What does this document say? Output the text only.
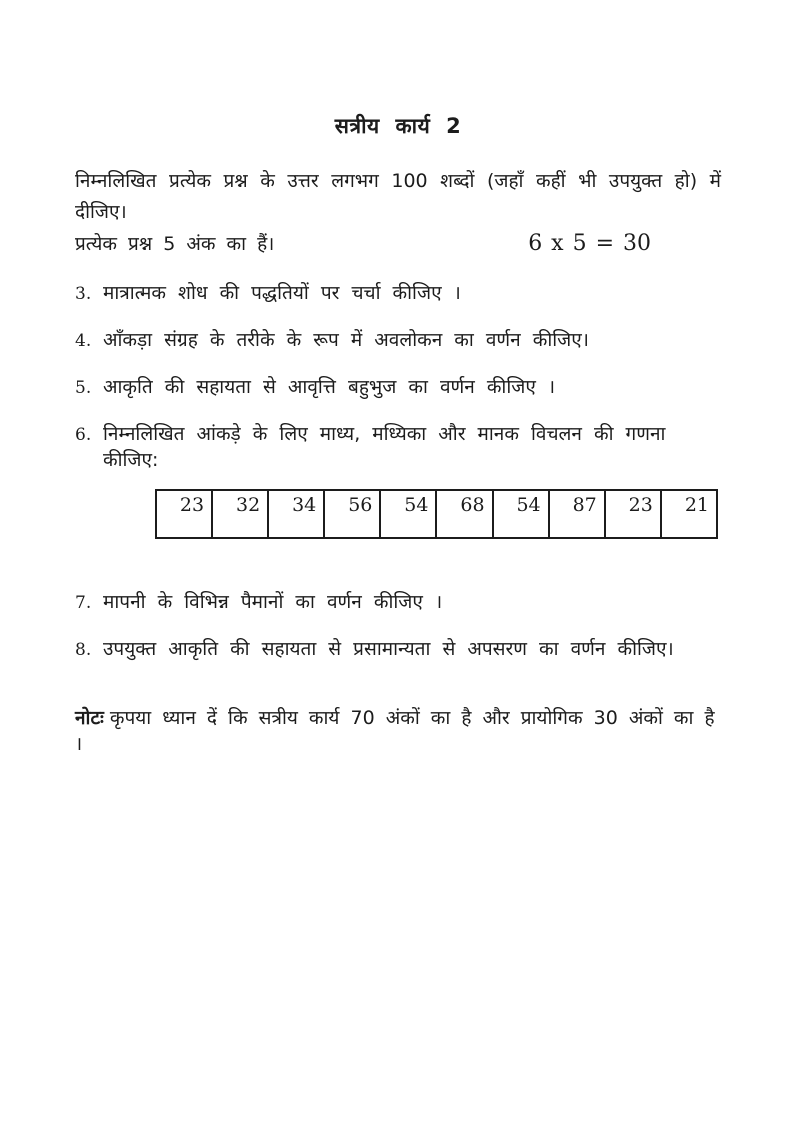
सत्रीय कार्य 2
निम्नलिखित प्रत्येक प्रश्न के उत्तर लगभग 100 शब्दों (जहाँ कहीं भी उपयुक्त हो) में दीजिए।
प्रत्येक प्रश्न 5 अंक का हैं।	6 x 5 = 30
3. मात्रात्मक शोध की पद्धतियों पर चर्चा कीजिए ।
4. आँकड़ा संग्रह के तरीके के रूप में अवलोकन का वर्णन कीजिए।
5. आकृति की सहायता से आवृत्ति बहुभुज का वर्णन कीजिए ।
6. निम्नलिखित आंकड़े के लिए माध्य, मध्यिका और मानक विचलन की गणना कीजिए:
23	32	34	56	54	68	54	87	23	21
7. मापनी के विभिन्न पैमानों का वर्णन कीजिए ।
8. उपयुक्त आकृति की सहायता से प्रसामान्यता से अपसरण का वर्णन कीजिए।
नोटः कृपया ध्यान दें कि सत्रीय कार्य 70 अंकों का है और प्रायोगिक 30 अंकों का है ।
